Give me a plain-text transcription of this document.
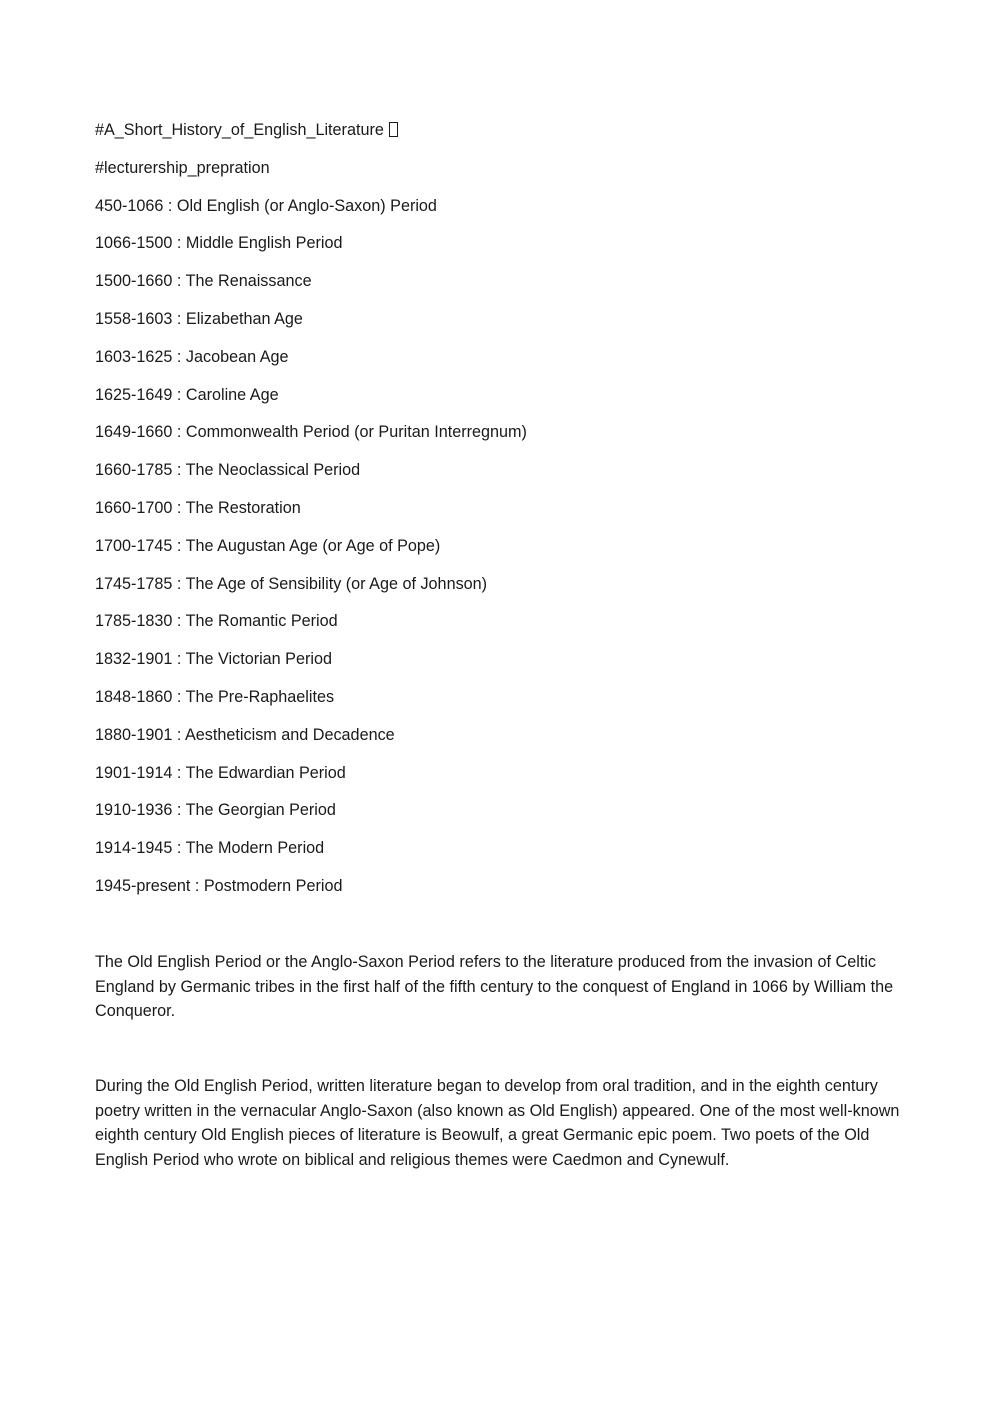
#A_Short_History_of_English_Literature
#lecturership_prepration
450-1066 : Old English (or Anglo-Saxon) Period
1066-1500 : Middle English Period
1500-1660 : The Renaissance
1558-1603 : Elizabethan Age
1603-1625 : Jacobean Age
1625-1649 : Caroline Age
1649-1660 : Commonwealth Period (or Puritan Interregnum)
1660-1785 : The Neoclassical Period
1660-1700 : The Restoration
1700-1745 : The Augustan Age (or Age of Pope)
1745-1785 : The Age of Sensibility (or Age of Johnson)
1785-1830 : The Romantic Period
1832-1901 : The Victorian Period
1848-1860 : The Pre-Raphaelites
1880-1901 : Aestheticism and Decadence
1901-1914 : The Edwardian Period
1910-1936 : The Georgian Period
1914-1945 : The Modern Period
1945-present : Postmodern Period

The Old English Period or the Anglo-Saxon Period refers to the literature produced from the invasion of Celtic England by Germanic tribes in the first half of the fifth century to the conquest of England in 1066 by William the Conqueror.

During the Old English Period, written literature began to develop from oral tradition, and in the eighth century poetry written in the vernacular Anglo-Saxon (also known as Old English) appeared. One of the most well-known eighth century Old English pieces of literature is Beowulf, a great Germanic epic poem. Two poets of the Old English Period who wrote on biblical and religious themes were Caedmon and Cynewulf.
